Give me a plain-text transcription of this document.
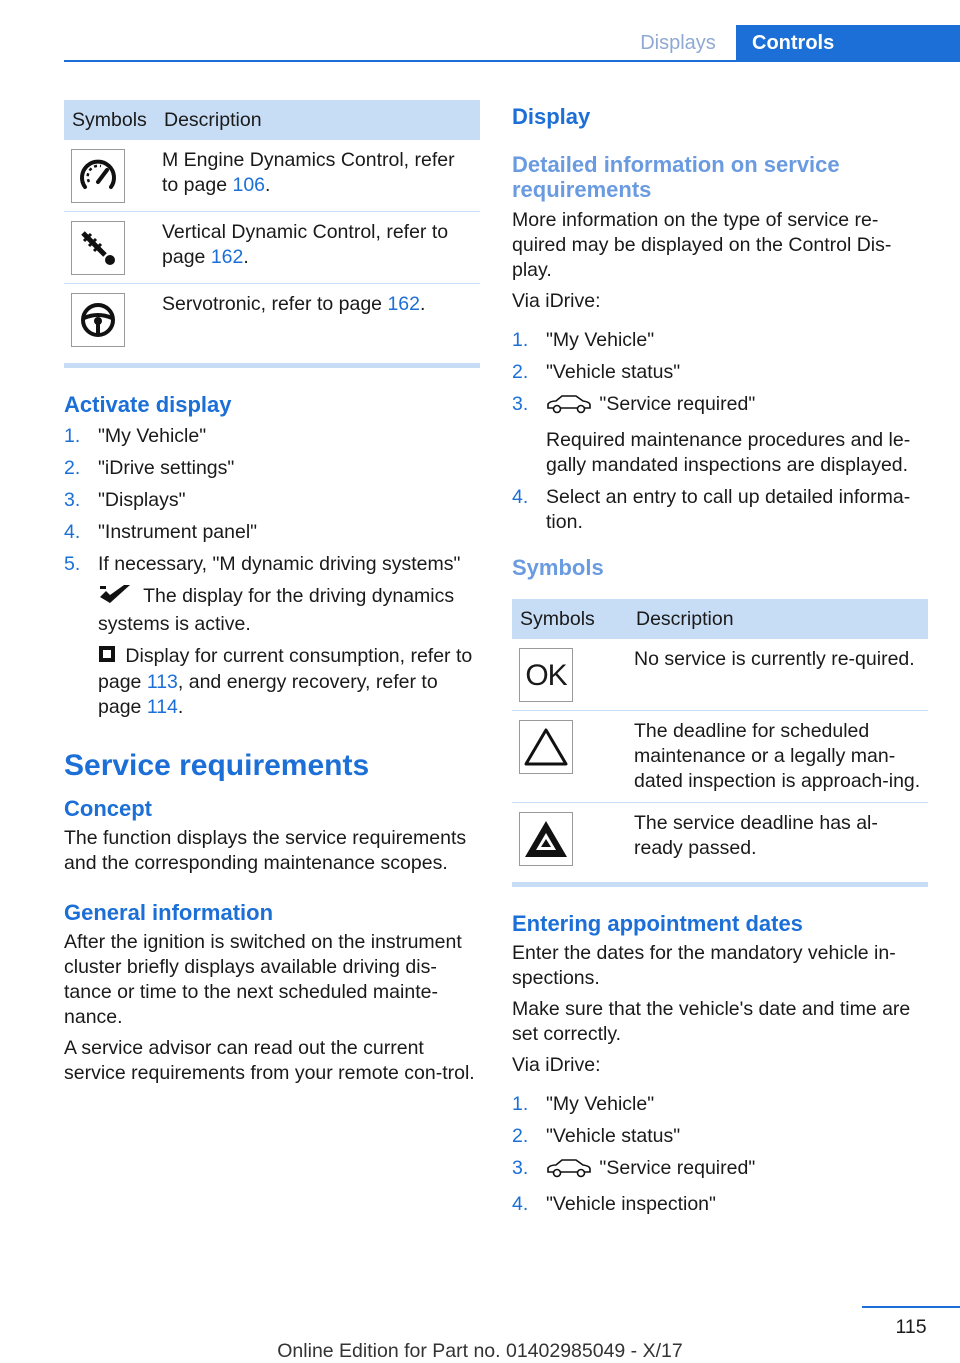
Displays	Controls
Symbols	Description

	M Engine Dynamics Control, refer to page 106.

	Vertical Dynamic Control, refer to page 162.

	Servotronic, refer to page 162.
Activate display
1. "My Vehicle"
2. "iDrive settings"
3. "Displays"
4. "Instrument panel"
5. If necessary, "M dynamic driving systems"
The display for the driving dynamics systems is active.
Display for current consumption, refer to page 113, and energy recovery, refer to page 114.
Service requirements
Concept

The function displays the service requirements and the corresponding maintenance scopes.

General information

After the ignition is switched on the instrument cluster briefly displays available driving dis-tance or time to the next scheduled mainte-nance.

A service advisor can read out the current service requirements from your remote con-trol.

Display
Detailed information on service requirements

More information on the type of service re-quired may be displayed on the Control Dis-play.

Via iDrive:

1. "My Vehicle"
2. "Vehicle status"
3.	"Service required"
Required maintenance procedures and le-gally mandated inspections are displayed.
4. Select an entry to call up detailed informa-tion.
Symbols
Symbols	Description

OK	No service is currently re-quired.

	The deadline for scheduled maintenance or a legally man-dated inspection is approach-ing.

	The service deadline has al-ready passed.
Entering appointment dates

Enter the dates for the mandatory vehicle in-spections.

Make sure that the vehicle's date and time are set correctly.

Via iDrive:

1. "My Vehicle"
2. "Vehicle status"
3.	"Service required"
4. "Vehicle inspection"
115
Online Edition for Part no. 01402985049 - X/17
